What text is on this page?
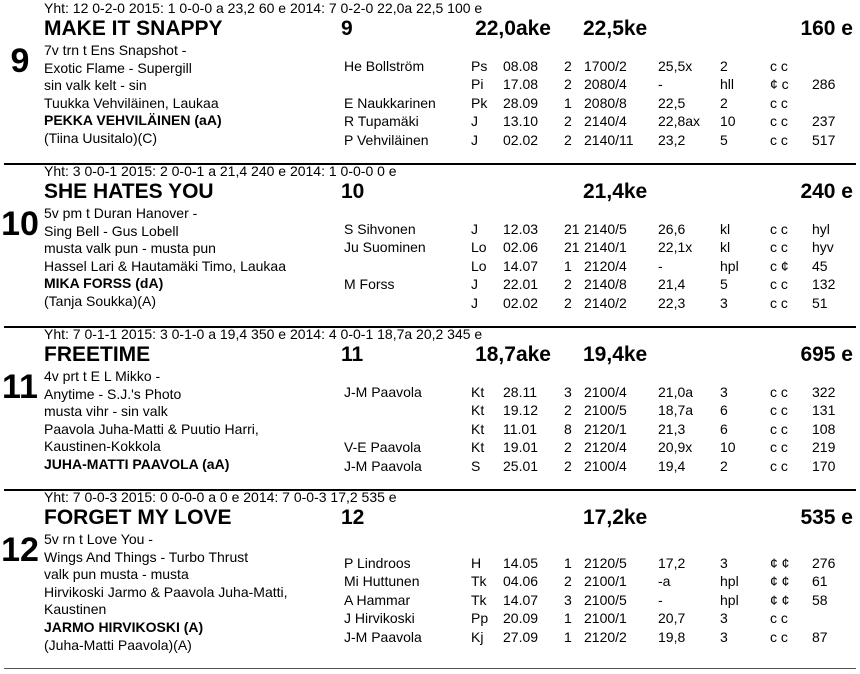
Yht: 12 0-2-0 2015: 1 0-0-0 a 23,2 60 e 2014: 7 0-2-0 22,0a 22,5 100 e
MAKE IT SNAPPY	9	22,0ake 22,5ke	160 e
9	7v trn t Ens Snapshot -
Exotic Flame - Supergill
sin valk kelt - sin
Tuukka Vehviläinen, Laukaa
PEKKA VEHVILÄINEN (aA)
(Tiina Uusitalo)(C)
He Bollström	Ps 08.08 2 1700/2 25,5x 2	c c
Pi 17.08 2 2080/4 -	hll	¢ c 286
E Naukkarinen	Pk 28.09 1 2080/8 22,5 2	c c
R Tupamäki	J 13.10 2 2140/4 22,8ax 10 c c 237
P Vehviläinen	J 02.02 2 2140/11 23,2 5	c c 517
Yht: 3 0-0-1 2015: 2 0-0-1 a 21,4 240 e 2014: 1 0-0-0 0 e
SHE HATES YOU	10	21,4ke	240 e
10 5v pm t Duran Hanover -
Sing Bell - Gus Lobell
musta valk pun - musta pun
Hassel Lari & Hautamäki Timo, Laukaa
MIKA FORSS (dA)
(Tanja Soukka)(A)
S Sihvonen	J 12.03 21 2140/5 26,6 kl	c c hyl
Ju Suominen	Lo 02.06 21 2140/1 22,1x kl	c c hyv
Lo 14.07 1 2120/4 -	hpl c ¢ 45
M Forss	J 22.01 2 2140/8 21,4 5	c c 132
J 02.02 2 2140/2 22,3 3	c c 51
Yht: 7 0-1-1 2015: 3 0-1-0 a 19,4 350 e 2014: 4 0-0-1 18,7a 20,2 345 e
FREETIME	11	18,7ake 19,4ke	695 e
11 4v prt t E L Mikko -
Anytime - S.J.'s Photo
musta vihr - sin valk
Paavola Juha-Matti & Puutio Harri,
Kaustinen-Kokkola
JUHA-MATTI PAAVOLA (aA)
J-M Paavola	Kt 28.11 3 2100/4 21,0a 3	c c 322
Kt 19.12 2 2100/5 18,7a 6	c c 131
Kt 11.01 8 2120/1 21,3 6	c c 108
V-E Paavola	Kt 19.01 2 2120/4 20,9x 10 c c 219
J-M Paavola	S 25.01 2 2100/4 19,4 2	c c 170
Yht: 7 0-0-3 2015: 0 0-0-0 a 0 e 2014: 7 0-0-3 17,2 535 e
FORGET MY LOVE	12	17,2ke	535 e
12 5v rn t Love You -
Wings And Things - Turbo Thrust
valk pun musta - musta
Hirvikoski Jarmo & Paavola Juha-Matti,
Kaustinen
JARMO HIRVIKOSKI (A)
(Juha-Matti Paavola)(A)
P Lindroos	H 14.05 1 2120/5 17,2 3	¢ ¢ 276
Mi Huttunen	Tk 04.06 2 2100/1 -a	hpl ¢ ¢ 61
A Hammar	Tk 14.07 3 2100/5 -	hpl ¢ ¢ 58
J Hirvikoski	Pp 20.09 1 2100/1 20,7 3	c c
J-M Paavola	Kj 27.09 1 2120/2 19,8 3	c c 87
